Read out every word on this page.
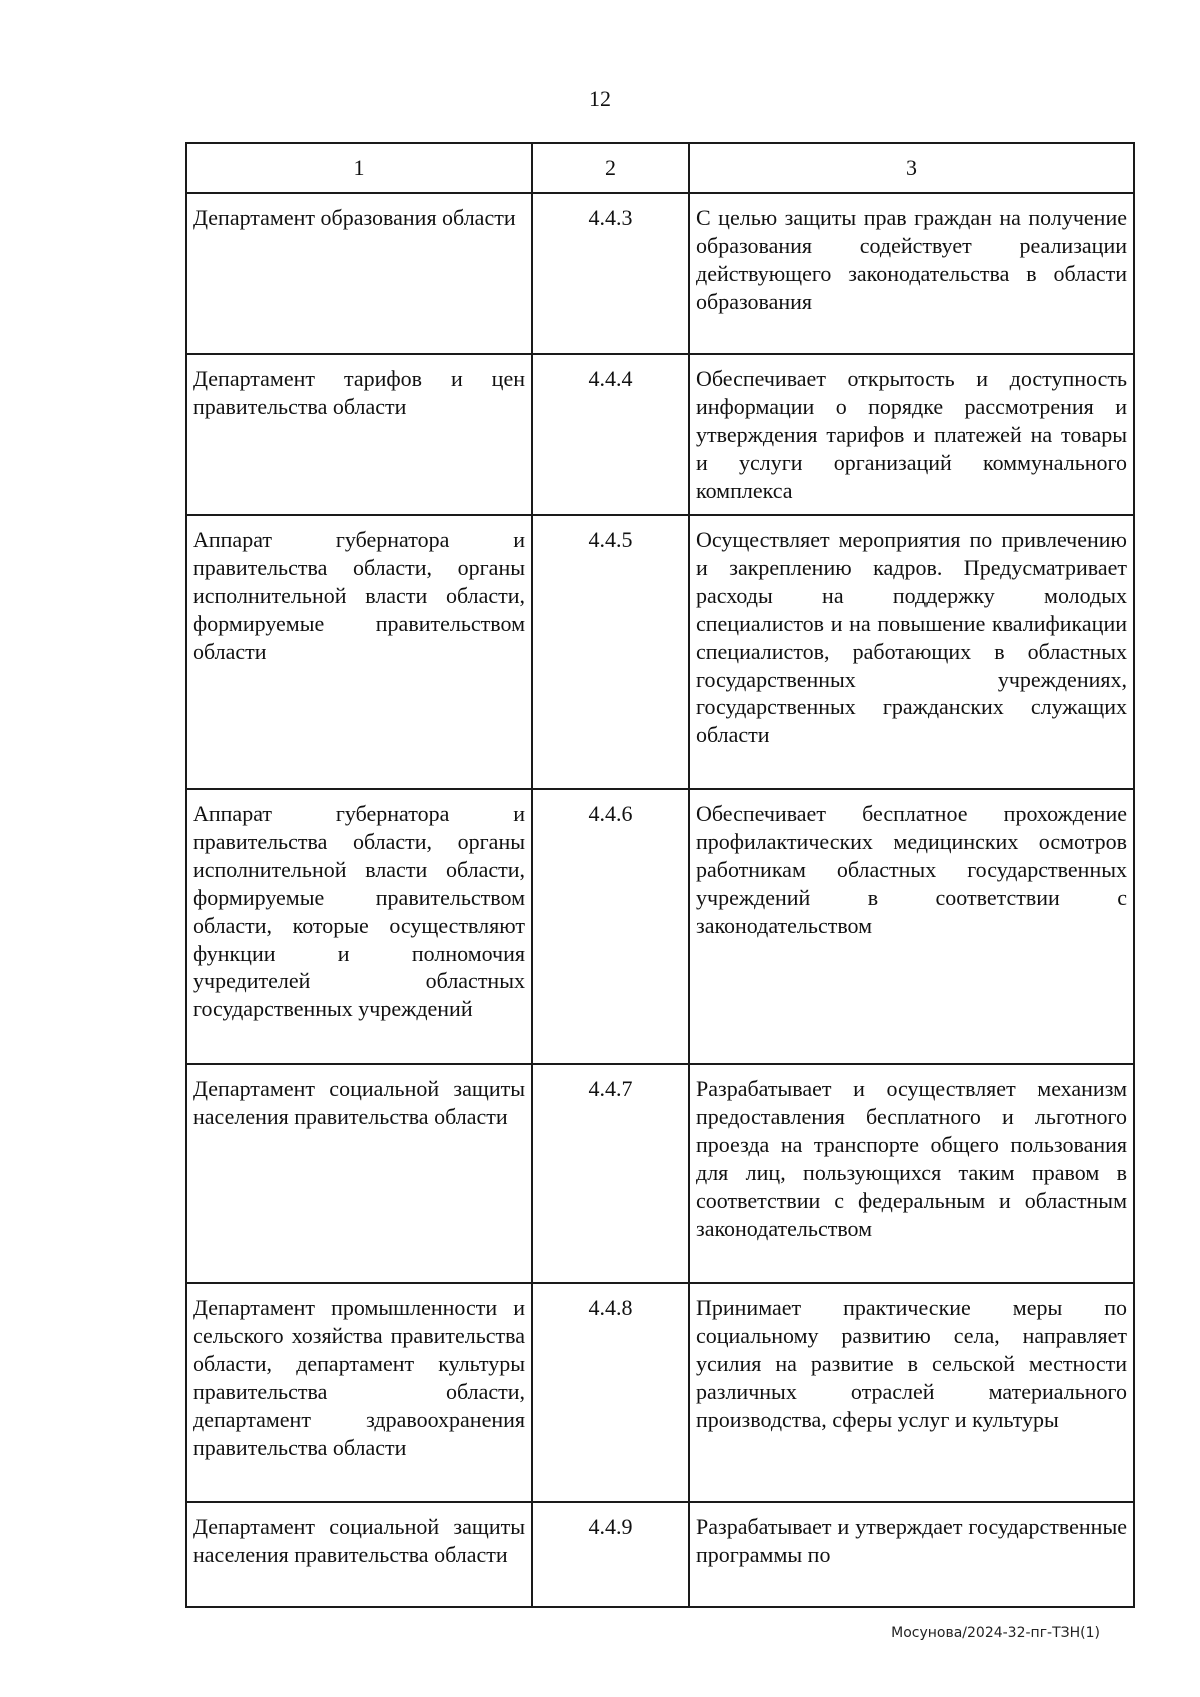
12
1	2	3

Департамент образования области	4.4.3	С целью защиты прав граждан на получение образования содействует реализации действующего законодательства в области образования

Департамент тарифов и цен правительства области	4.4.4	Обеспечивает открытость и доступность информации о порядке рассмотрения и утверждения тарифов и платежей на товары и услуги организаций коммунального комплекса

Аппарат губернатора и правительства области, органы исполнительной власти области, формируемые правительством области	4.4.5	Осуществляет мероприятия по привлечению и закреплению кадров. Предусматривает расходы на поддержку молодых специалистов и на повышение квалификации специалистов, работающих в областных государственных учреждениях, государственных гражданских служащих области

Аппарат губернатора и правительства области, органы исполнительной власти области, формируемые правительством области, которые осуществляют функции и полномочия учредителей областных государственных учреждений	4.4.6	Обеспечивает бесплатное прохождение профилактических медицинских осмотров работникам областных государственных учреждений в соответствии с законодательством

Департамент социальной защиты населения правительства области	4.4.7	Разрабатывает и осуществляет механизм предоставления бесплатного и льготного проезда на транспорте общего пользования для лиц, пользующихся таким правом в соответствии с федеральным и областным законодательством

Департамент промышленности и сельского хозяйства правительства области, департамент культуры правительства области, департамент здравоохранения правительства области	4.4.8	Принимает практические меры по социальному развитию села, направляет усилия на развитие в сельской местности различных отраслей материального производства, сферы услуг и культуры

Департамент социальной защиты населения правительства области	4.4.9	Разрабатывает и утверждает государственные программы по
Мосунова/2024-32-пг-ТЗН(1)
